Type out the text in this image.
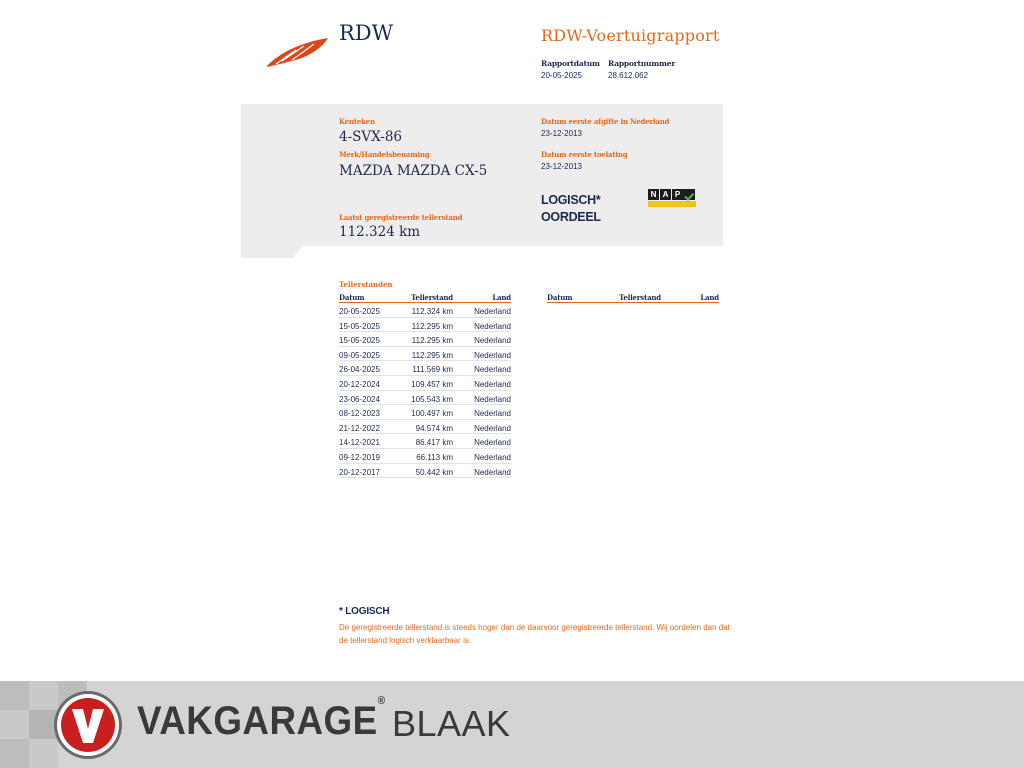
RDW	RDW-Voertuigrapport
Rapportdatum
20-05-2025
Rapportnummer
28.612.062
Kenteken
4-SVX-86
Merk/Handelsbenaming
MAZDA MAZDA CX-5
Datum eerste afgifte in Nederland
23-12-2013
Datum eerste toelating
23-12-2013
LOGISCH*
OORDEEL
N A P
Laatst geregistreerde tellerstand
112.324 km
Tellerstanden
Datum	Tellerstand	Land
20-05-2025	112.324 km	Nederland
15-05-2025	112.295 km	Nederland
15-05-2025	112.295 km	Nederland
09-05-2025	112.295 km	Nederland
26-04-2025	111.569 km	Nederland
20-12-2024	109.457 km	Nederland
23-06-2024	105.543 km	Nederland
08-12-2023	100.497 km	Nederland
21-12-2022	94.574 km	Nederland
14-12-2021	86.417 km	Nederland
09-12-2019	66.113 km	Nederland
20-12-2017	50.442 km	Nederland
Datum	Tellerstand	Land
* LOGISCH
De geregistreerde tellerstand is steeds hoger dan de daarvoor geregistreerde tellerstand. Wij oordelen dan dat de tellerstand logisch verklaarbaar is.
VAKGARAGE®
BLAAK
